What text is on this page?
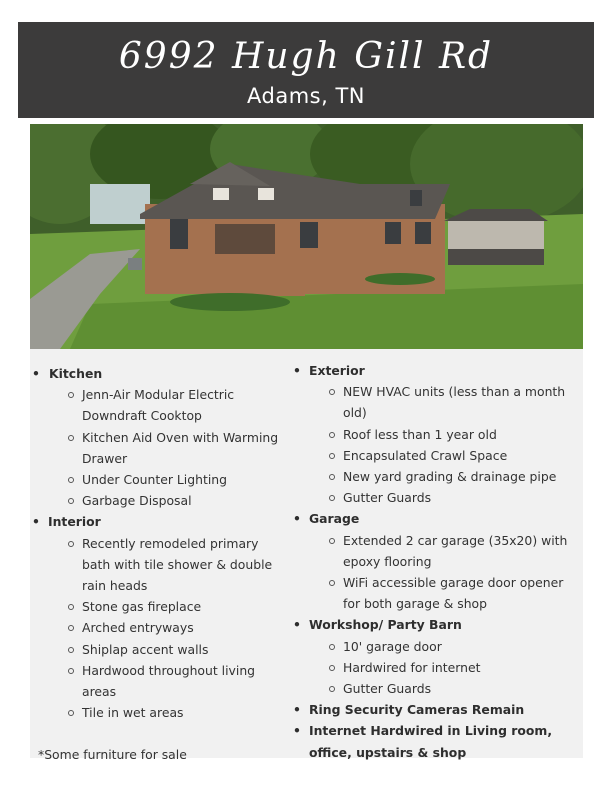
6992 Hugh Gill Rd
Adams, TN
• Kitchen
Jenn-Air Modular Electric Downdraft Cooktop
Kitchen Aid Oven with Warming Drawer
Under Counter Lighting
Garbage Disposal
• Interior
Recently remodeled primary bath with tile shower & double rain heads
Stone gas fireplace
Arched entryways
Shiplap accent walls
Hardwood throughout living areas
Tile in wet areas
*Some furniture for sale
• Exterior
NEW HVAC units (less than a month old)
Roof less than 1 year old
Encapsulated Crawl Space
New yard grading & drainage pipe
Gutter Guards
• Garage
Extended 2 car garage (35x20) with epoxy flooring
WiFi accessible garage door opener for both garage & shop
• Workshop/ Party Barn
10' garage door
Hardwired for internet
Gutter Guards
• Ring Security Cameras Remain
• Internet Hardwired in Living room, office, upstairs & shop
